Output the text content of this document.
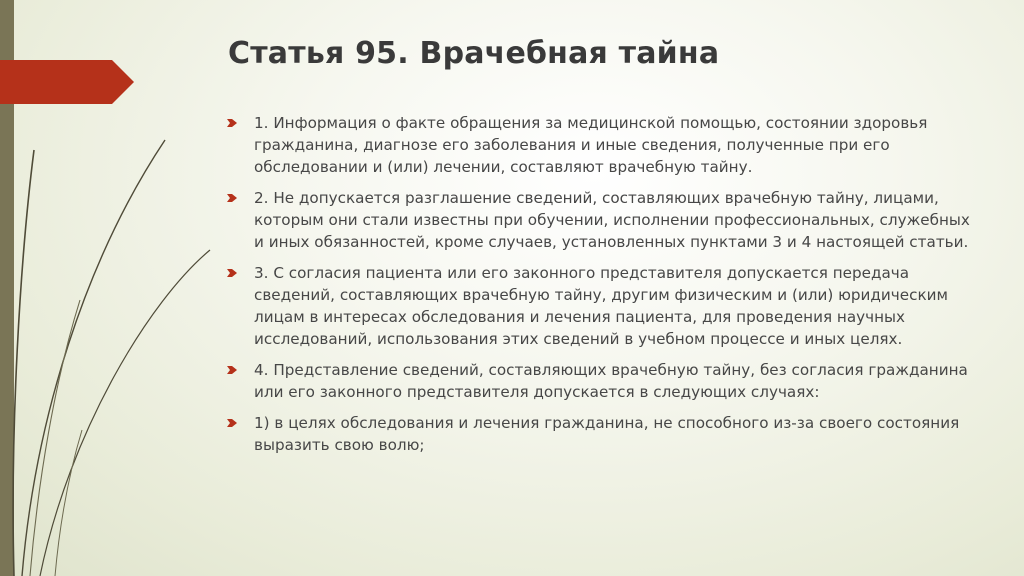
Статья 95. Врачебная тайна
1. Информация о факте обращения за медицинской помощью, состоянии здоровья гражданина, диагнозе его заболевания и иные сведения, полученные при его обследовании и (или) лечении, составляют врачебную тайну.
2. Не допускается разглашение сведений, составляющих врачебную тайну, лицами, которым они стали известны при обучении, исполнении профессиональных, служебных и иных обязанностей, кроме случаев, установленных пунктами 3 и 4 настоящей статьи.
3. С согласия пациента или его законного представителя допускается передача сведений, составляющих врачебную тайну, другим физическим и (или) юридическим лицам в интересах обследования и лечения пациента, для проведения научных исследований, использования этих сведений в учебном процессе и иных целях.
4. Представление сведений, составляющих врачебную тайну, без согласия гражданина или его законного представителя допускается в следующих случаях:
1) в целях обследования и лечения гражданина, не способного из-за своего состояния выразить свою волю;
